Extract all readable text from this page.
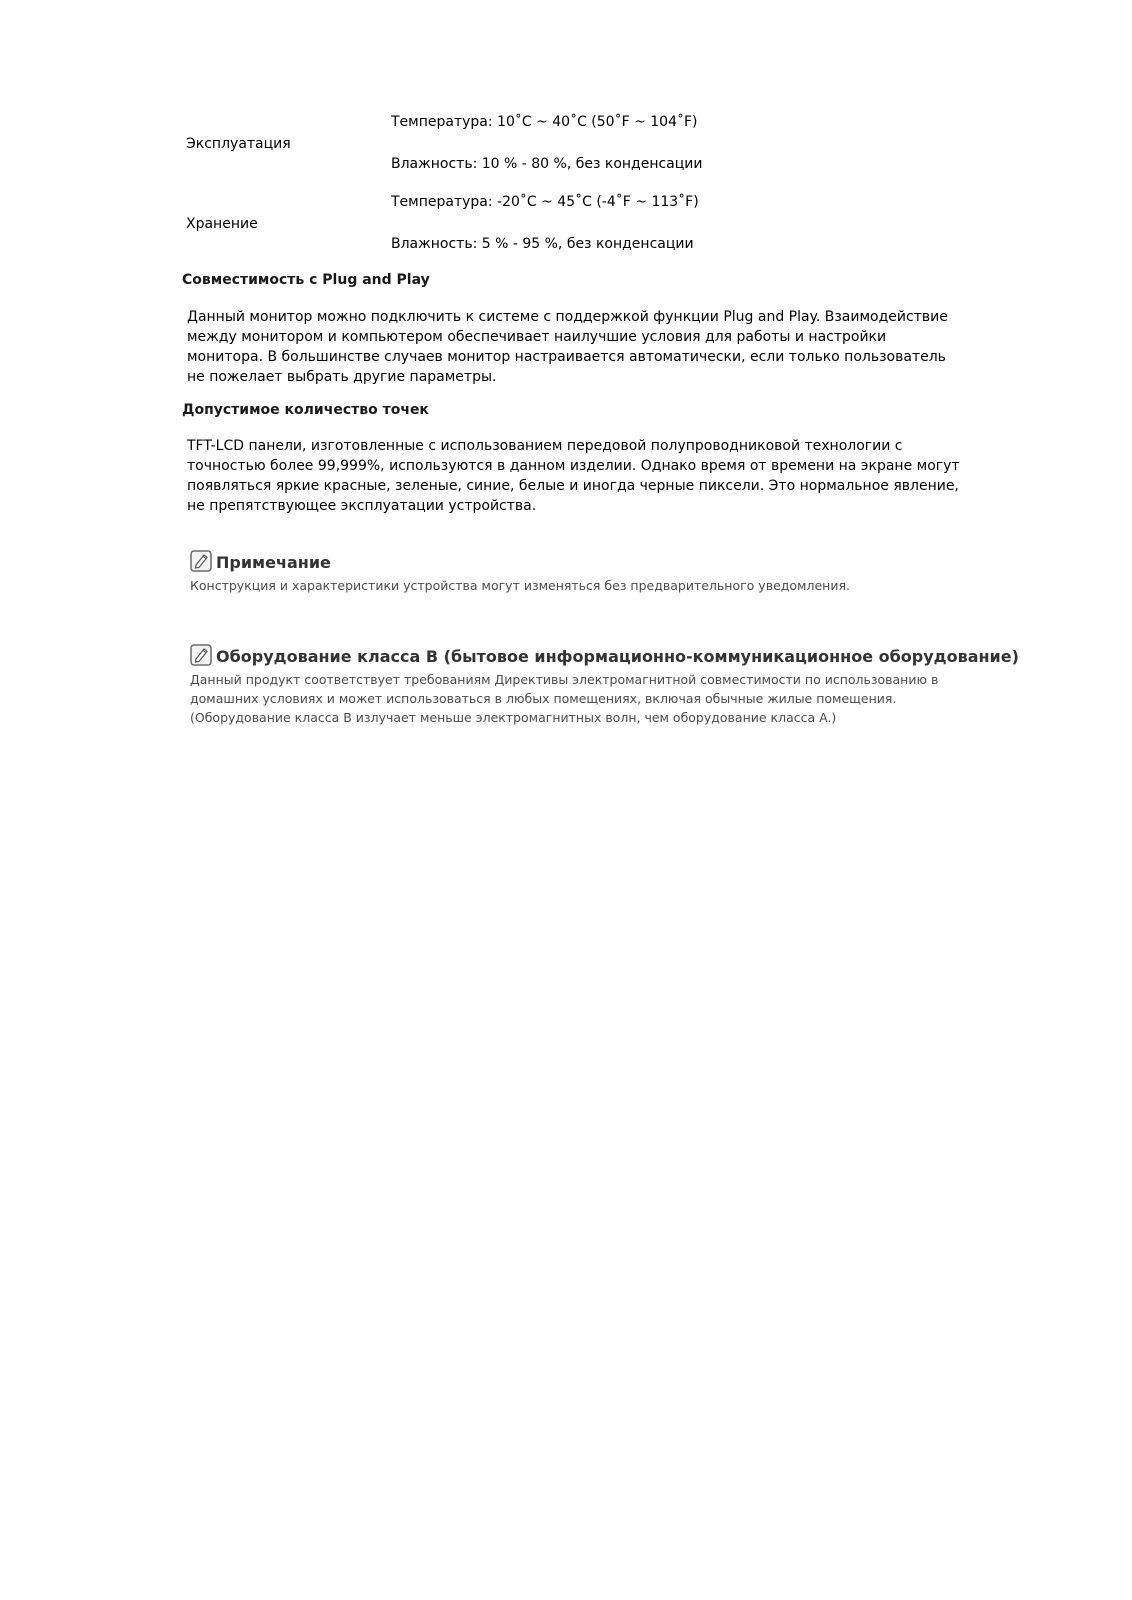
Эксплуатация
Температура: 10˚C ~ 40˚C (50˚F ~ 104˚F)
Влажность: 10 % - 80 %, без конденсации
Хранение
Температура: -20˚C ~ 45˚C (-4˚F ~ 113˚F)
Влажность: 5 % - 95 %, без конденсации
Совместимость с Plug and Play
Данный монитор можно подключить к системе с поддержкой функции Plug and Play. Взаимодействие между монитором и компьютером обеспечивает наилучшие условия для работы и настройки монитора. В большинстве случаев монитор настраивается автоматически, если только пользователь не пожелает выбрать другие параметры.
Допустимое количество точек
TFT-LCD панели, изготовленные с использованием передовой полупроводниковой технологии с точностью более 99,999%, используются в данном изделии. Однако время от времени на экране могут появляться яркие красные, зеленые, синие, белые и иногда черные пиксели. Это нормальное явление, не препятствующее эксплуатации устройства.
Примечание
Конструкция и характеристики устройства могут изменяться без предварительного уведомления.
Оборудование класса B (бытовое информационно-коммуникационное оборудование)
Данный продукт соответствует требованиям Директивы электромагнитной совместимости по использованию в домашних условиях и может использоваться в любых помещениях, включая обычные жилые помещения. (Оборудование класса B излучает меньше электромагнитных волн, чем оборудование класса A.)
